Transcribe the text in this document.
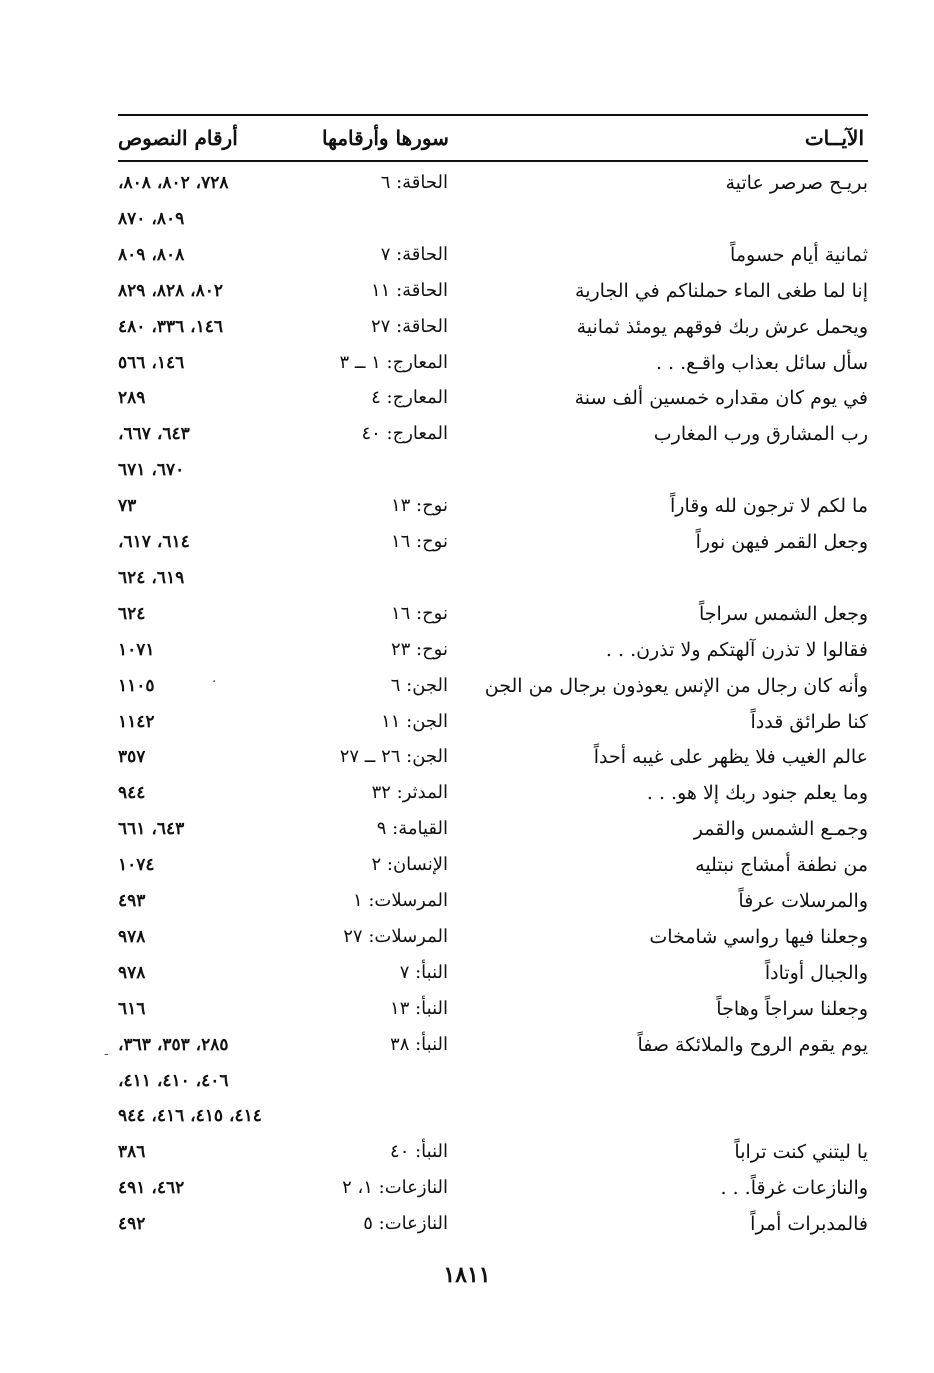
الآيــات
سورها وأرقامها
أرقام النصوص
بريـح صرصر عاتية
الحاقة: ٦
٧٢٨، ٨٠٢، ٨٠٨،
٨٠٩، ٨٧٠
ثمانية أيام حسوماً
الحاقة: ٧
٨٠٨، ٨٠٩
إنا لما طغى الماء حملناكم في الجارية
الحاقة: ١١
٨٠٢، ٨٢٨، ٨٢٩
ويحمل عرش ربك فوقهم يومئذ ثمانية
الحاقة: ٢٧
١٤٦، ٣٣٦، ٤٨٠
سأل سائل بعذاب واقـع. . .
المعارج: ١ ــ ٣
١٤٦، ٥٦٦
في يوم كان مقداره خمسين ألف سنة
المعارج: ٤
٢٨٩
رب المشارق ورب المغارب
المعارج: ٤٠
٦٤٣، ٦٦٧،
٦٧٠، ٦٧١
ما لكم لا ترجون لله وقاراً
نوح: ١٣
٧٣
وجعل القمر فيهن نوراً
نوح: ١٦
٦١٤، ٦١٧،
٦١٩، ٦٢٤
وجعل الشمس سراجاً
نوح: ١٦
٦٢٤
فقالوا لا تذرن آلهتكم ولا تذرن. . .
نوح: ٢٣
١٠٧١
وأنه كان رجال من الإنس يعوذون برجال من الجن
الجن: ٦
١١٠٥
كنا طرائق قدداً
الجن: ١١
١١٤٢
عالم الغيب فلا يظهر على غيبه أحداً
الجن: ٢٦ ــ ٢٧
٣٥٧
وما يعلم جنود ربك إلا هو. . .
المدثر: ٣٢
٩٤٤
وجمـع الشمس والقمر
القيامة: ٩
٦٤٣، ٦٦١
من نطفة أمشاج نبتليه
الإنسان: ٢
١٠٧٤
والمرسلات عرفاً
المرسلات: ١
٤٩٣
وجعلنا فيها رواسي شامخات
المرسلات: ٢٧
٩٧٨
والجبال أوتاداً
النبأ: ٧
٩٧٨
وجعلنا سراجاً وهاجاً
النبأ: ١٣
٦١٦
يوم يقوم الروح والملائكة صفاً
النبأ: ٣٨
٢٨٥، ٣٥٣، ٣٦٣،
٤٠٦، ٤١٠، ٤١١،
٤١٤، ٤١٥، ٤١٦، ٩٤٤
يا ليتني كنت تراباً
النبأ: ٤٠
٣٨٦
والنازعات غرقاً. . .
النازعات: ١، ٢
٤٦٢، ٤٩١
فالمدبرات أمراً
النازعات: ٥
٤٩٢
-
·
١٨١١
